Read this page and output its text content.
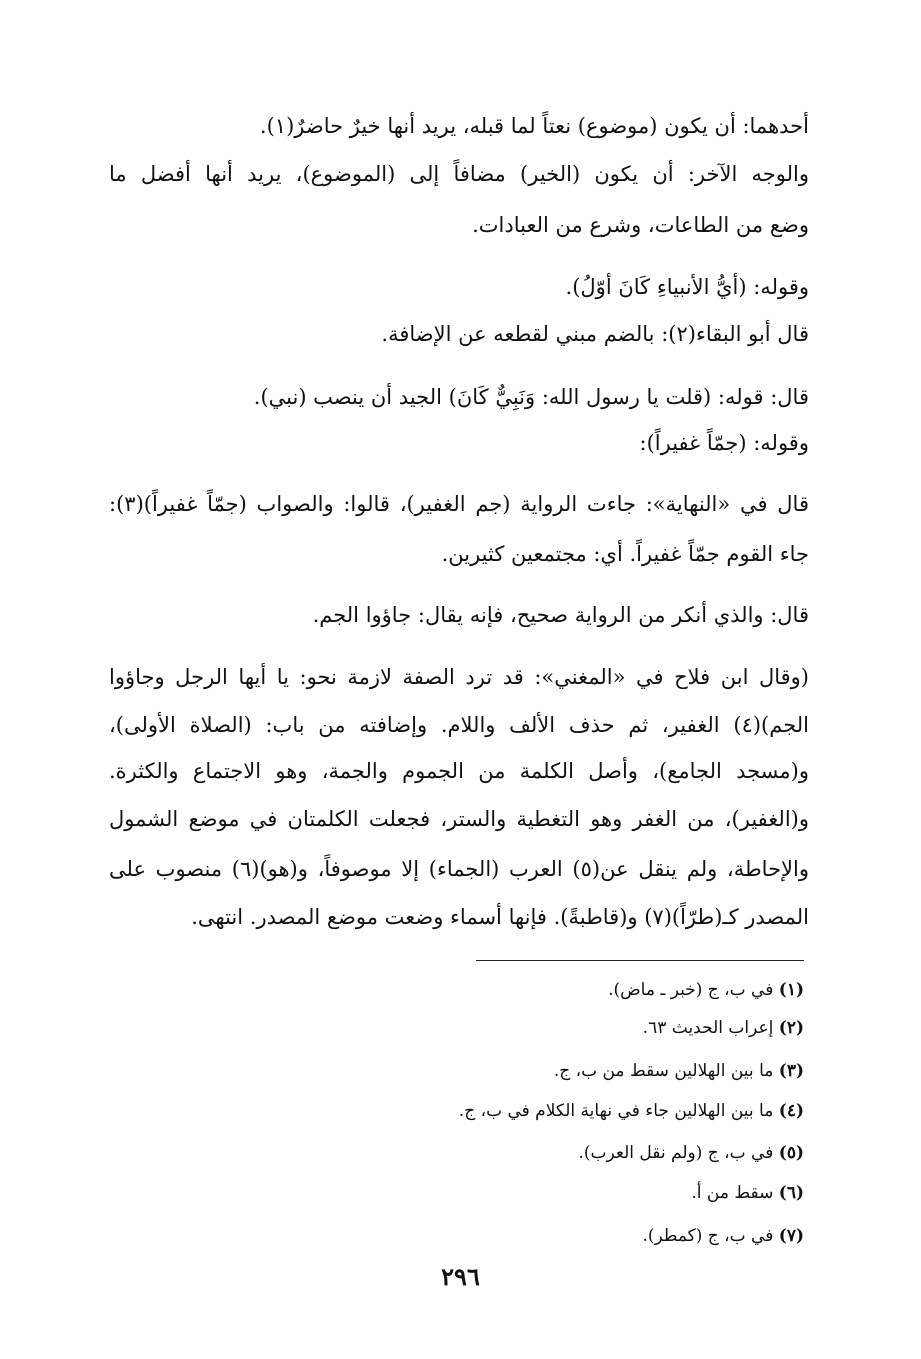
أحدهما: أن يكون (موضوع) نعتاً لما قبله، يريد أنها خيرٌ حاضرٌ(١).
والوجه الآخر: أن يكون (الخير) مضافاً إلى (الموضوع)، يريد أنها أفضل ما
وضع من الطاعات، وشرع من العبادات.
وقوله: (أيُّ الأنبياءِ كَانَ أوّلُ).
قال أبو البقاء(٢): بالضم مبني لقطعه عن الإضافة.
قال: قوله: (قلت يا رسول الله: وَنَبِيٌّ كَانَ) الجيد أن ينصب (نبي).
وقوله: (جمّاً غفيراً):
قال في «النهاية»: جاءت الرواية (جم الغفير)، قالوا: والصواب (جمّاً غفيراً)(٣):
جاء القوم جمّاً غفيراً. أي: مجتمعين كثيرين.
قال: والذي أنكر من الرواية صحيح، فإنه يقال: جاؤوا الجم.
(وقال ابن فلاح في «المغني»: قد ترد الصفة لازمة نحو: يا أيها الرجل وجاؤوا
الجم)(٤) الغفير، ثم حذف الألف واللام. وإضافته من باب: (الصلاة الأولى)،
و(مسجد الجامع)، وأصل الكلمة من الجموم والجمة، وهو الاجتماع والكثرة.
و(الغفير)، من الغفر وهو التغطية والستر، فجعلت الكلمتان في موضع الشمول
والإحاطة، ولم ينقل عن(٥) العرب (الجماء) إلا موصوفاً، و(هو)(٦) منصوب على
المصدر كـ(طرّاً)(٧) و(قاطبةً). فإنها أسماء وضعت موضع المصدر. انتهى.
(١) في ب، ج (خبر ـ ماض).
(٢) إعراب الحديث ٦٣.
(٣) ما بين الهلالين سقط من ب، ج.
(٤) ما بين الهلالين جاء في نهاية الكلام في ب، ج.
(٥) في ب، ج (ولم نقل العرب).
(٦) سقط من أ.
(٧) في ب، ج (كمطر).
٢٩٦
